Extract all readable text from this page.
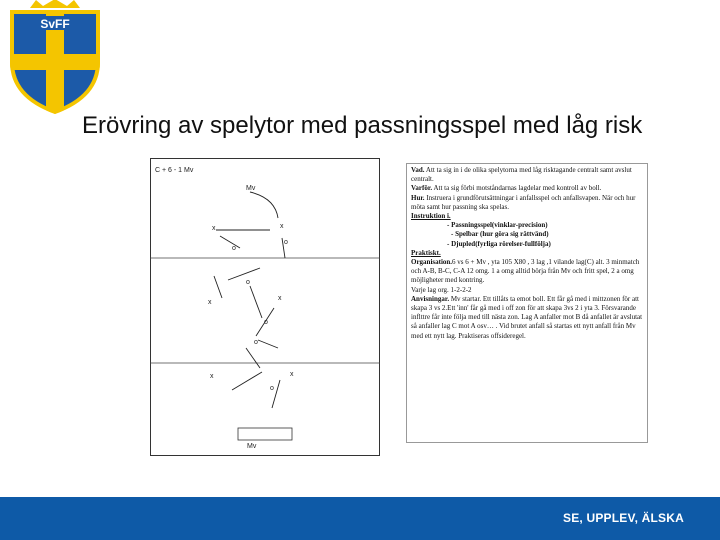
SvFF
Erövring av spelytor med passningsspel med låg risk
C + 6 - 1 Mv
Mv
Mv
x	x
x
x
x	x
o
o
o
o
o
o

Vad. Att ta sig in i de olika spelytorna med låg risktagande centralt samt avslut centralt.

Varför. Att ta sig förbi motståndarnas lagdelar med kontroll av boll.

Hur. Instruera i grundförutsättningar i anfallsspel och anfallsvapen. När och hur möta samt hur passning ska spelas.

Instruktion i.

- Passningsspel(vinklar-precision)

- Spelbar (hur göra sig rättvänd)

- Djupled(fyrliga rörelser-fullfölja)

Praktiskt.

Organisation.6 vs 6 + Mv , yta 105 X80 , 3 lag ,1 vilande lag(C) alt. 3 minmatch och A-B, B-C, C-A 12 omg. 1 a omg alltid börja från Mv och fritt spel, 2 a omg möjligheter med kontring.

Varje lag org. 1-2-2-2

Anvisningar. Mv startar. Ett tillåts ta emot boll. Ett får gå med i mittzonen för att skapa 3 vs 2.Ett 'inn' får gå med i off zon för att skapa 3vs 2 i yta 3. Försvarande inflttre får inte följa med till nästa zon. Lag A anfaller mot B då anfallet är avslutat så anfaller lag C mot A osv… . Vid brutet anfall så startas ett nytt anfall från Mv med ett nytt lag. Praktiseras offsideregel.

SE, UPPLEV, ÄLSKA
